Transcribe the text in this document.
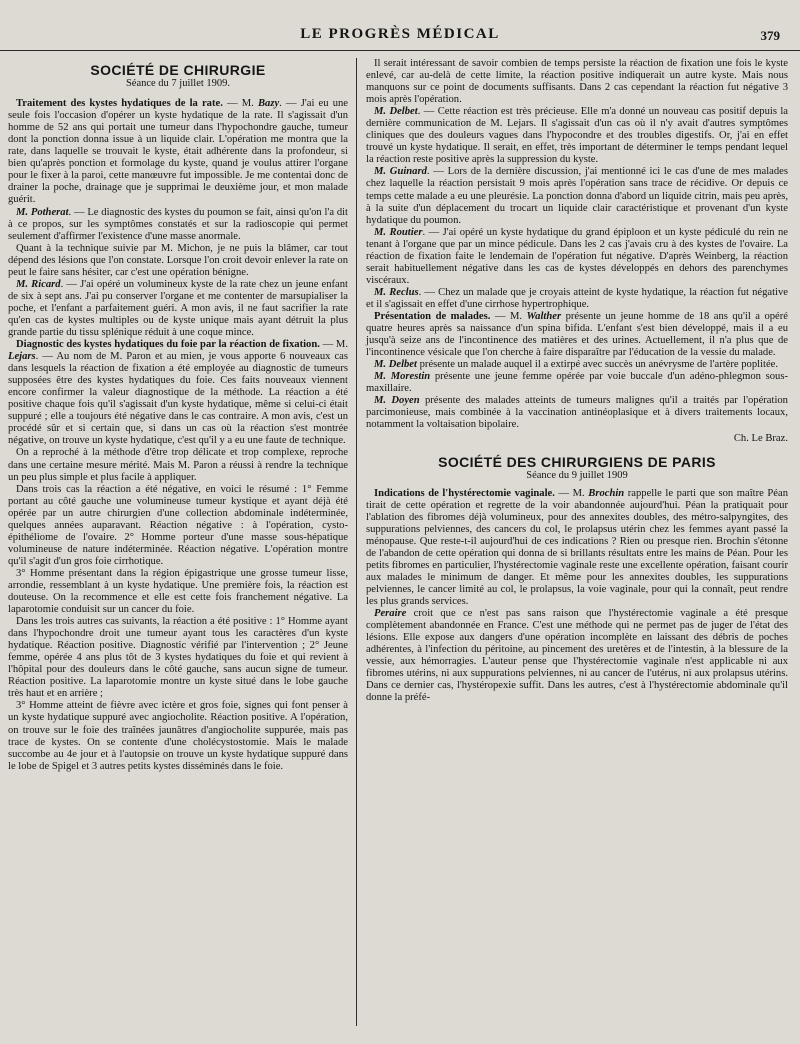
LE PROGRÈS MÉDICAL	379
SOCIÉTÉ DE CHIRURGIE
Séance du 7 juillet 1909.

Traitement des kystes hydatiques de la rate. — M. Bazy. — J'ai eu une seule fois l'occasion d'opérer un kyste hydatique de la rate. Il s'agissait d'un homme de 52 ans qui portait une tumeur dans l'hypochondre gauche, tumeur dont la ponction donna issue à un liquide clair. L'opération me montra que la rate, dans laquelle se trouvait le kyste, était adhérente dans la profondeur, si bien qu'après ponction et formolage du kyste, quand je voulus attirer l'organe pour le fixer à la paroi, cette manœuvre fut impossible. Je me contentai donc de drainer la poche, drainage que je supprimai le deuxième jour, et mon malade guérit.

M. Potherat. — Le diagnostic des kystes du poumon se fait, ainsi qu'on l'a dit à ce propos, sur les symptômes constatés et sur la radioscopie qui permet seulement d'affirmer l'existence d'une masse anormale.

Quant à la technique suivie par M. Michon, je ne puis la blâmer, car tout dépend des lésions que l'on constate. Lorsque l'on croit devoir enlever la rate on peut le faire sans hésiter, car c'est une opération bénigne.

M. Ricard. — J'ai opéré un volumineux kyste de la rate chez un jeune enfant de six à sept ans. J'ai pu conserver l'organe et me contenter de marsupialiser la poche, et l'enfant a parfaitement guéri. A mon avis, il ne faut sacrifier la rate qu'en cas de kystes multiples ou de kyste unique mais ayant détruit la plus grande partie du tissu splénique réduit à une coque mince.

Diagnostic des kystes hydatiques du foie par la réaction de fixation. — M. Lejars. — Au nom de M. Paron et au mien, je vous apporte 6 nouveaux cas dans lesquels la réaction de fixation a été employée au diagnostic de tumeurs supposées être des kystes hydatiques du foie. Ces faits nouveaux viennent encore confirmer la valeur diagnostique de la méthode. La réaction a été positive chaque fois qu'il s'agissait d'un kyste hydatique, même si celui-ci était suppuré ; elle a toujours été négative dans le cas contraire. A mon avis, c'est un procédé sûr et si certain que, si dans un cas où la réaction s'est montrée négative, on trouve un kyste hydatique, c'est qu'il y a eu une faute de technique.

On a reproché à la méthode d'être trop délicate et trop complexe, reproche dans une certaine mesure mérité. Mais M. Paron a réussi à rendre la technique un peu plus simple et plus facile à appliquer.

Dans trois cas la réaction a été négative, en voici le résumé : 1° Femme portant au côté gauche une volumineuse tumeur kystique et ayant déjà été opérée par un autre chirurgien d'une collection abdominale indéterminée, quelques années auparavant. Réaction négative : à l'opération, cysto-épithéliome de l'ovaire. 2° Homme porteur d'une masse sous-hépatique volumineuse de nature indéterminée. Réaction négative. L'opération montre qu'il s'agit d'un gros foie cirrhotique.

3° Homme présentant dans la région épigastrique une grosse tumeur lisse, arrondie, ressemblant à un kyste hydatique. Une première fois, la réaction est douteuse. On la recommence et elle est cette fois franchement négative. La laparotomie conduisit sur un cancer du foie.

Dans les trois autres cas suivants, la réaction a été positive : 1° Homme ayant dans l'hypochondre droit une tumeur ayant tous les caractères d'un kyste hydatique. Réaction positive. Diagnostic vérifié par l'intervention ; 2° Jeune femme, opérée 4 ans plus tôt de 3 kystes hydatiques du foie et qui revient à l'hôpital pour des douleurs dans le côté gauche, sans aucun signe de tumeur. Réaction positive. La laparotomie montre un kyste situé dans le lobe gauche très haut et en arrière ;

3° Homme atteint de fièvre avec ictère et gros foie, signes qui font penser à un kyste hydatique suppuré avec angiocholite. Réaction positive. A l'opération, on trouve sur le foie des traînées jaunâtres d'angiocholite suppurée, mais pas trace de kystes. On se contente d'une cholécystostomie. Mais le malade succombe au 4e jour et à l'autopsie on trouve un kyste hydatique suppuré dans le lobe de Spigel et 3 autres petits kystes disséminés dans le foie.

Il serait intéressant de savoir combien de temps persiste la réaction de fixation une fois le kyste enlevé, car au-delà de cette limite, la réaction positive indiquerait un autre kyste. Mais nous manquons sur ce point de documents suffisants. Dans 2 cas cependant la réaction fut négative 3 mois après l'opération.

M. Delbet. — Cette réaction est très précieuse. Elle m'a donné un nouveau cas positif depuis la dernière communication de M. Lejars. Il s'agissait d'un cas où il n'y avait d'autres symptômes cliniques que des douleurs vagues dans l'hypocondre et des troubles digestifs. Or, j'ai en effet trouvé un kyste hydatique. Il serait, en effet, très important de déterminer le temps pendant lequel la réaction reste positive après la suppression du kyste.

M. Guinard. — Lors de la dernière discussion, j'ai mentionné ici le cas d'une de mes malades chez laquelle la réaction persistait 9 mois après l'opération sans trace de récidive. Or depuis ce temps cette malade a eu une pleurésie. La ponction donna d'abord un liquide citrin, mais peu après, à la suite d'un déplacement du trocart un liquide clair caractéristique et provenant d'un kyste hydatique du poumon.

M. Routier. — J'ai opéré un kyste hydatique du grand épiploon et un kyste pédiculé du rein ne tenant à l'organe que par un mince pédicule. Dans les 2 cas j'avais cru à des kystes de l'ovaire. La réaction de fixation faite le lendemain de l'opération fut négative. D'après Weinberg, la réaction serait habituellement négative dans les cas de kystes développés en dehors des parenchymes viscéraux.

M. Reclus. — Chez un malade que je croyais atteint de kyste hydatique, la réaction fut négative et il s'agissait en effet d'une cirrhose hypertrophique.

Présentation de malades. — M. Walther présente un jeune homme de 18 ans qu'il a opéré quatre heures après sa naissance d'un spina bifida. L'enfant s'est bien développé, mais il a eu jusqu'à seize ans de l'incontinence des matières et des urines. Actuellement, il n'a plus que de l'incontinence vésicale que l'on cherche à faire disparaître par l'éducation de la vessie du malade.

M. Delbet présente un malade auquel il a extirpé avec succès un anévrysme de l'artère poplitée.

M. Morestin présente une jeune femme opérée par voie buccale d'un adéno-phlegmon sous-maxillaire.

M. Doyen présente des malades atteints de tumeurs malignes qu'il a traités par l'opération parcimonieuse, mais combinée à la vaccination antinéoplasique et à divers traitements locaux, notamment la voltaisation bipolaire.

Ch. Le Braz.

SOCIÉTÉ DES CHIRURGIENS DE PARIS
Séance du 9 juillet 1909

Indications de l'hystérectomie vaginale. — M. Brochin rappelle le parti que son maître Péan tirait de cette opération et regrette de la voir abandonnée aujourd'hui. Péan la pratiquait pour l'ablation des fibromes déjà volumineux, pour des annexites doubles, des métro-salpyngites, des suppurations pelviennes, des cancers du col, le prolapsus utérin chez les femmes ayant passé la ménopause. Que reste-t-il aujourd'hui de ces indications ? Rien ou presque rien. Brochin s'étonne de l'abandon de cette opération qui donna de si brillants résultats entre les mains de Péan. Pour les petits fibromes en particulier, l'hystérectomie vaginale reste une excellente opération, faisant courir aux malades le minimum de danger. Et même pour les annexites doubles, les suppurations pelviennes, le cancer limité au col, le prolapsus, la voie vaginale, pour qui la connaît, peut rendre les plus grands services.

Peraire croit que ce n'est pas sans raison que l'hystérectomie vaginale a été presque complètement abandonnée en France. C'est une méthode qui ne permet pas de juger de l'état des lésions. Elle expose aux dangers d'une opération incomplète en laissant des débris de poches adhérentes, à l'infection du péritoine, au pincement des uretères et de l'intestin, à la blessure de la vessie, aux hémorragies. L'auteur pense que l'hystérectomie vaginale n'est applicable ni aux fibromes utérins, ni aux suppurations pelviennes, ni au cancer de l'utérus, ni aux prolapsus utérins. Dans ce dernier cas, l'hystéropexie suffit. Dans les autres, c'est à l'hystérectomie abdominale qu'il donne la préfé-
